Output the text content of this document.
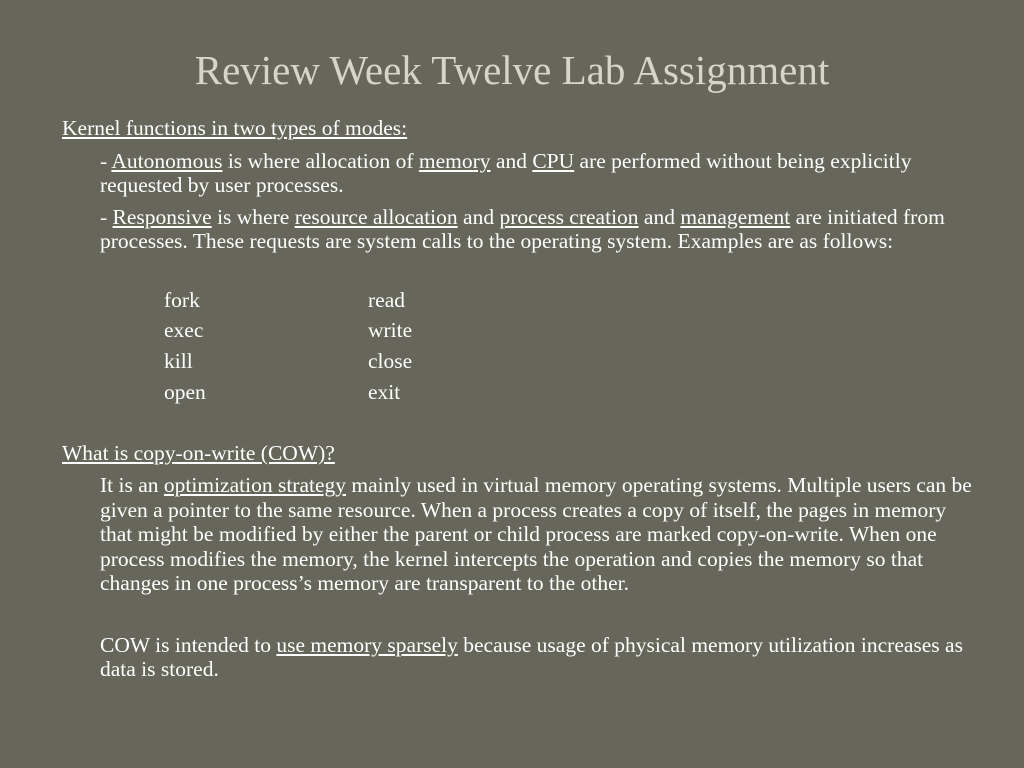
Review Week Twelve Lab Assignment

Kernel functions in two types of modes:

- Autonomous is where allocation of memory and CPU are performed without being explicitly requested by user processes.

- Responsive is where resource allocation and process creation and management are initiated from processes. These requests are system calls to the operating system. Examples are as follows:

fork	read
exec	write
kill	close
open	exit

What is copy-on-write (COW)?

It is an optimization strategy mainly used in virtual memory operating systems. Multiple users can be given a pointer to the same resource. When a process creates a copy of itself, the pages in memory that might be modified by either the parent or child process are marked copy-on-write. When one process modifies the memory, the kernel intercepts the operation and copies the memory so that changes in one process’s memory are transparent to the other.

COW is intended to use memory sparsely because usage of physical memory utilization increases as data is stored.
